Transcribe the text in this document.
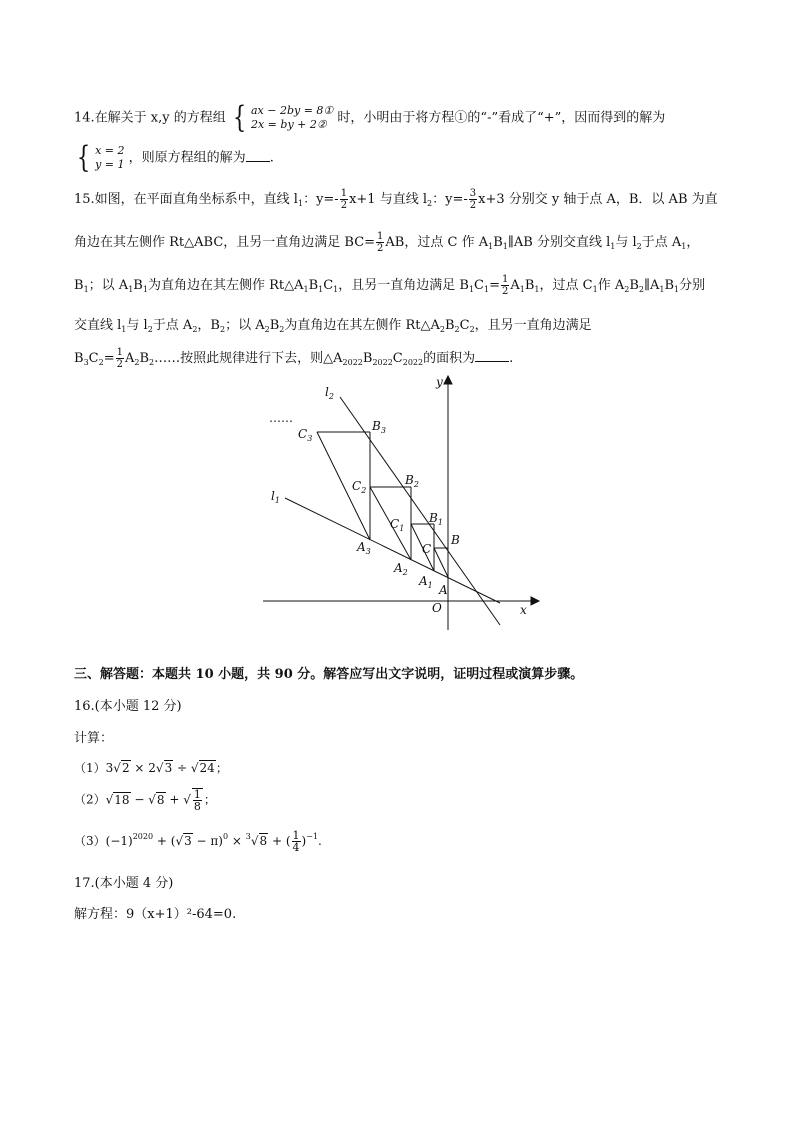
14.在解关于 x,y 的方程组 { ax − 2by = 8①
2x = by + 2② 时，小明由于将方程①的“-”看成了“+”，因而得到的解为
{ x = 2
y = 1 ，则原方程组的解为 .
15.如图，在平面直角坐标系中，直线 $l_1$：$y=- \frac{1}{2} x+1$ 与直线 $l_2$：$y=- \frac{3}{2} x+3$ 分别交 y 轴于点 A，B．以 AB 为直
角边在其左侧作 Rt△ABC，且另一直角边满足 $BC= \frac{1}{2}$ AB，过点 C 作 $A_1B_1\parallel AB$ 分别交直线 $l_1$与 $l_2$于点 $A_1$，
$B_1$；以 $A_1B_1$为直角边在其左侧作 $Rt\triangle A_1B_1C_1$，且另一直角边满足 $B_1C_1= \frac{1}{2} A_1B_1$，过点 $C_1$作 $A_2B_2\parallel A_1B_1$分别
交直线 $l_1$与 $l_2$于点 $A_2$，$B_2$；以 $A_2B_2$为直角边在其左侧作 $Rt\triangle A_2B_2C_2$，且另一直角边满足
$B_3C_2= \frac{1}{2}$ $A_2B_2\dots\dots$按照此规律进行下去，则$\triangle A_{2022}B_{2022}C_{2022}$的面积为	.
y
x
O
$l_2$
$l_1$
……
A
B
C
$A_1$
$B_1$
$C_1$
$A_2$
$B_2$
$C_2$
$A_3$
$B_3$
$C_3$
三、解答题：本题共 10 小题，共 90 分。解答应写出文字说明，证明过程或演算步骤。
16.(本小题 12 分)
计算：
（1）3√2 × 2√3 ÷ √24；
（2）√18 − √8 + √ $\frac{1}{8}$ ；
$(3)(-1)^{2020} + (√3 - \pi)^0 \times ^3√8$ + ( $\frac{1}{4} )^{-1}$.
17.(本小题 4 分)
解方程：9（x+1）²-64=0.
